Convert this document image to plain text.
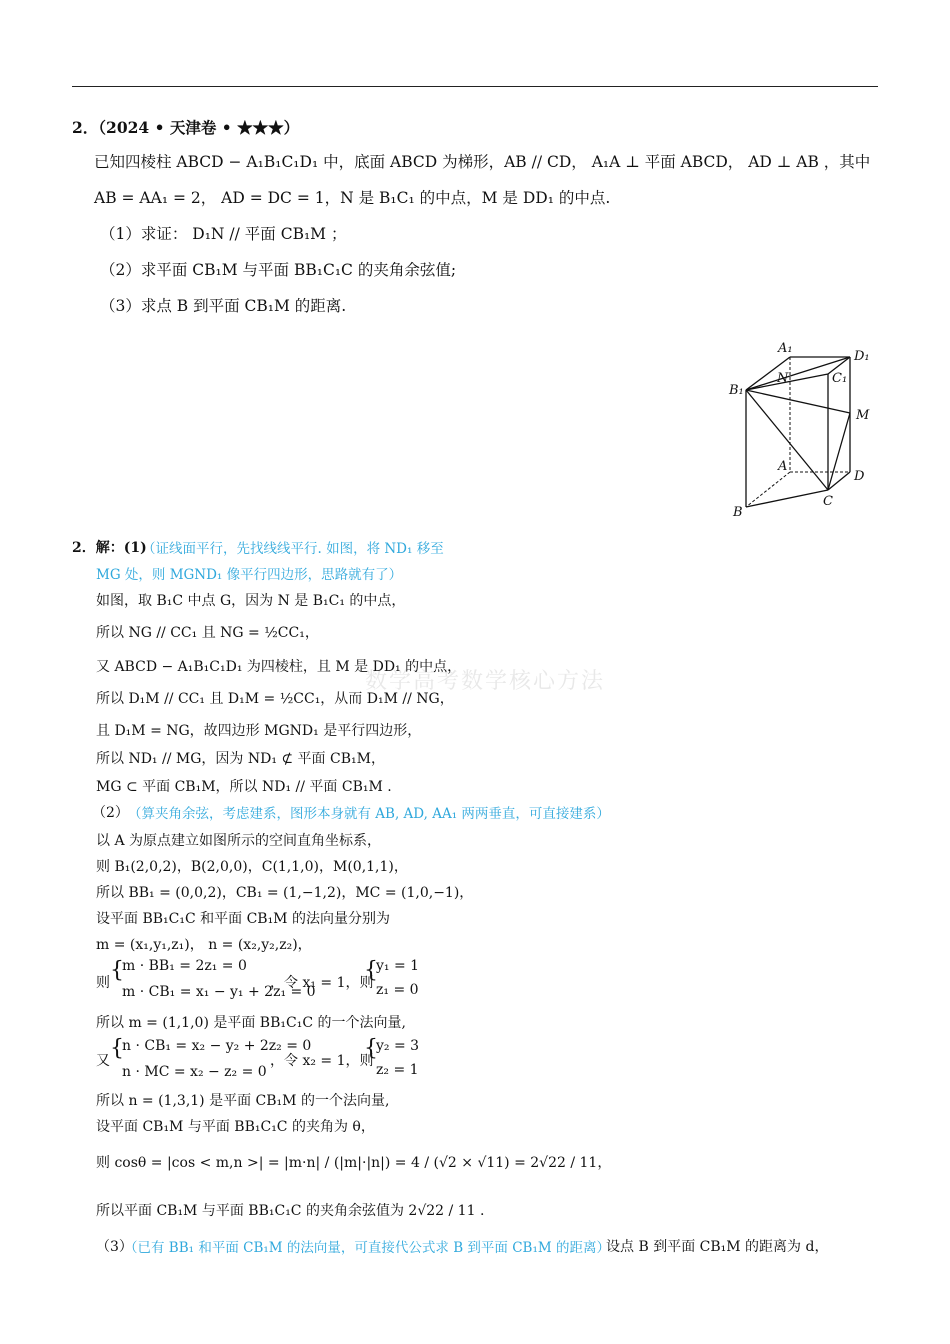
2．（2024 • 天津卷 • ★★★）
已知四棱柱 ABCD − A₁B₁C₁D₁ 中，底面 ABCD 为梯形，AB // CD， A₁A ⊥ 平面 ABCD， AD ⊥ AB ，其中
AB = AA₁ = 2， AD = DC = 1，N 是 B₁C₁ 的中点，M 是 DD₁ 的中点.
（1）求证： D₁N // 平面 CB₁M ；
（2）求平面 CB₁M 与平面 BB₁C₁C 的夹角余弦值;
（3）求点 B 到平面 CB₁M 的距离.
A₁
D₁
N	C₁
B₁
M
A
D
B
C
数学高考数学核心方法
2．解：(1)
（证线面平行，先找线线平行. 如图，将 ND₁ 移至
MG 处，则 MGND₁ 像平行四边形，思路就有了）
如图，取 B₁C 中点 G，因为 N 是 B₁C₁ 的中点，
所以 NG // CC₁ 且 NG = ½CC₁，
又 ABCD − A₁B₁C₁D₁ 为四棱柱，且 M 是 DD₁ 的中点，
所以 D₁M // CC₁ 且 D₁M = ½CC₁，从而 D₁M // NG，
且 D₁M = NG，故四边形 MGND₁ 是平行四边形，
所以 ND₁ // MG，因为 ND₁ ⊄ 平面 CB₁M，
MG ⊂ 平面 CB₁M，所以 ND₁ // 平面 CB₁M .
（2） （算夹角余弦，考虑建系，图形本身就有 AB, AD, AA₁ 两两垂直，可直接建系）
以 A 为原点建立如图所示的空间直角坐标系，
则 B₁(2,0,2)，B(2,0,0)，C(1,1,0)，M(0,1,1)，
所以 BB₁ = (0,0,2)，CB₁ = (1,−1,2)，MC = (1,0,−1)，
设平面 BB₁C₁C 和平面 CB₁M 的法向量分别为
m = (x₁,y₁,z₁)， n = (x₂,y₂,z₂)，
则 {
m · BB₁ = 2z₁ = 0
m · CB₁ = x₁ − y₁ + 2z₁ = 0
，令 x₁ = 1，则
{
y₁ = 1
z₁ = 0
所以 m = (1,1,0) 是平面 BB₁C₁C 的一个法向量,
又 {
n · CB₁ = x₂ − y₂ + 2z₂ = 0
n · MC = x₂ − z₂ = 0
，令 x₂ = 1，则
{
y₂ = 3
z₂ = 1
所以 n = (1,3,1) 是平面 CB₁M 的一个法向量,
设平面 CB₁M 与平面 BB₁C₁C 的夹角为 θ，
则 cosθ = |cos < m,n >| = |m·n| / (|m|·|n|) = 4 / (√2 × √11) = 2√22 / 11，
所以平面 CB₁M 与平面 BB₁C₁C 的夹角余弦值为 2√22 / 11 .
（3）
（已有 BB₁ 和平面 CB₁M 的法向量，可直接代公式求 B 到平面 CB₁M 的距离）
设点 B 到平面 CB₁M 的距离为 d，
